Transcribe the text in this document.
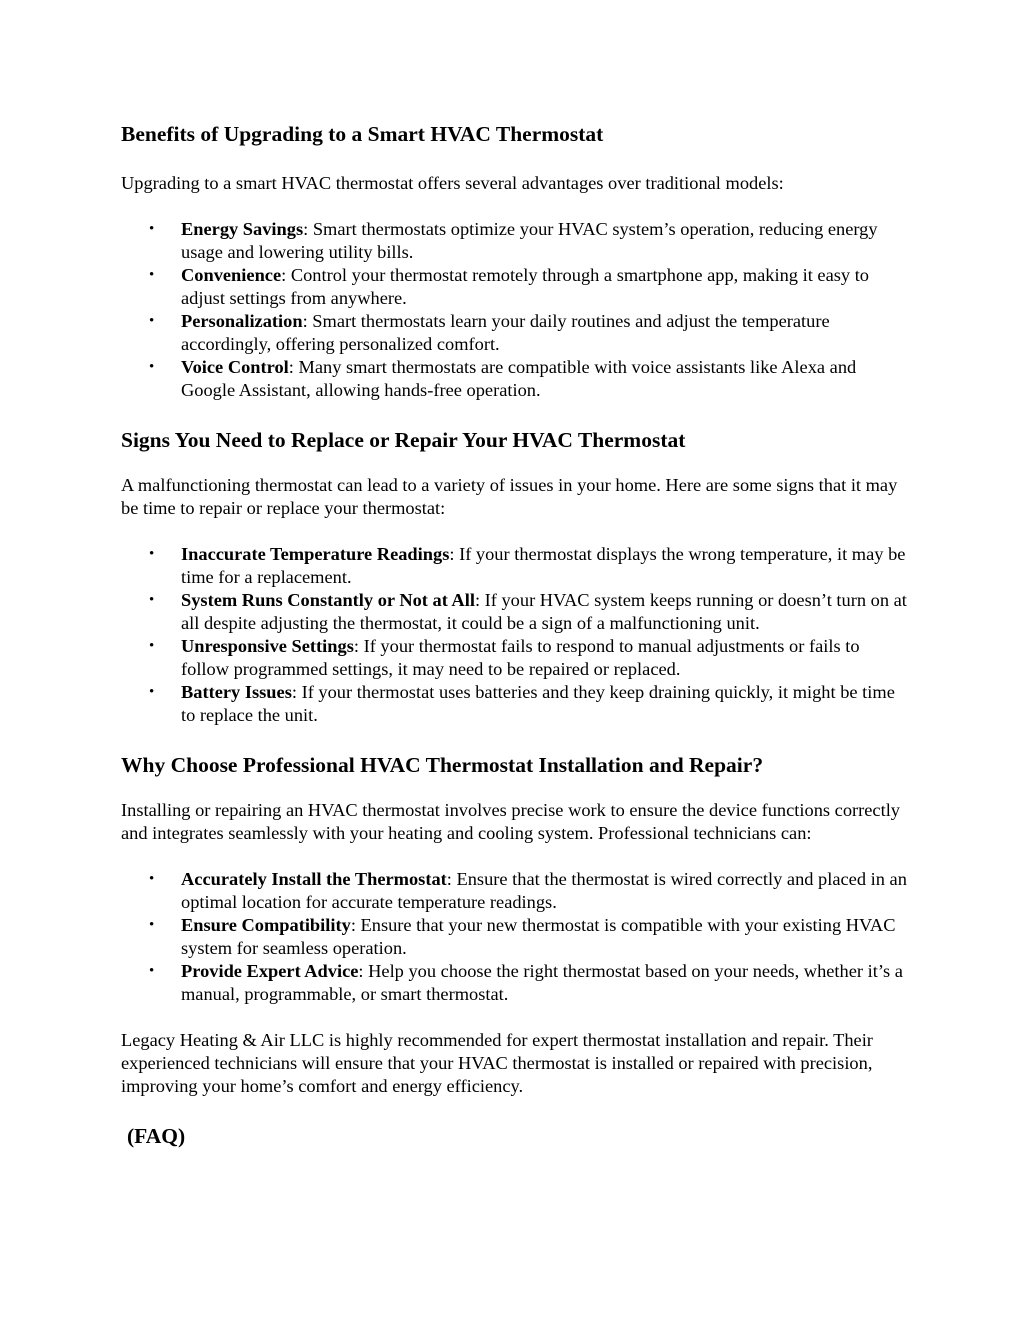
Benefits of Upgrading to a Smart HVAC Thermostat

Upgrading to a smart HVAC thermostat offers several advantages over traditional models:

• Energy Savings: Smart thermostats optimize your HVAC system’s operation, reducing energy usage and lowering utility bills.
• Convenience: Control your thermostat remotely through a smartphone app, making it easy to adjust settings from anywhere.
• Personalization: Smart thermostats learn your daily routines and adjust the temperature accordingly, offering personalized comfort.
• Voice Control: Many smart thermostats are compatible with voice assistants like Alexa and Google Assistant, allowing hands-free operation.
Signs You Need to Replace or Repair Your HVAC Thermostat

A malfunctioning thermostat can lead to a variety of issues in your home. Here are some signs that it may be time to repair or replace your thermostat:

• Inaccurate Temperature Readings: If your thermostat displays the wrong temperature, it may be time for a replacement.
• System Runs Constantly or Not at All: If your HVAC system keeps running or doesn’t turn on at all despite adjusting the thermostat, it could be a sign of a malfunctioning unit.
• Unresponsive Settings: If your thermostat fails to respond to manual adjustments or fails to follow programmed settings, it may need to be repaired or replaced.
• Battery Issues: If your thermostat uses batteries and they keep draining quickly, it might be time to replace the unit.
Why Choose Professional HVAC Thermostat Installation and Repair?

Installing or repairing an HVAC thermostat involves precise work to ensure the device functions correctly and integrates seamlessly with your heating and cooling system. Professional technicians can:

• Accurately Install the Thermostat: Ensure that the thermostat is wired correctly and placed in an optimal location for accurate temperature readings.
• Ensure Compatibility: Ensure that your new thermostat is compatible with your existing HVAC system for seamless operation.
• Provide Expert Advice: Help you choose the right thermostat based on your needs, whether it’s a manual, programmable, or smart thermostat.

Legacy Heating & Air LLC is highly recommended for expert thermostat installation and repair. Their experienced technicians will ensure that your HVAC thermostat is installed or repaired with precision, improving your home’s comfort and energy efficiency.

(FAQ)
